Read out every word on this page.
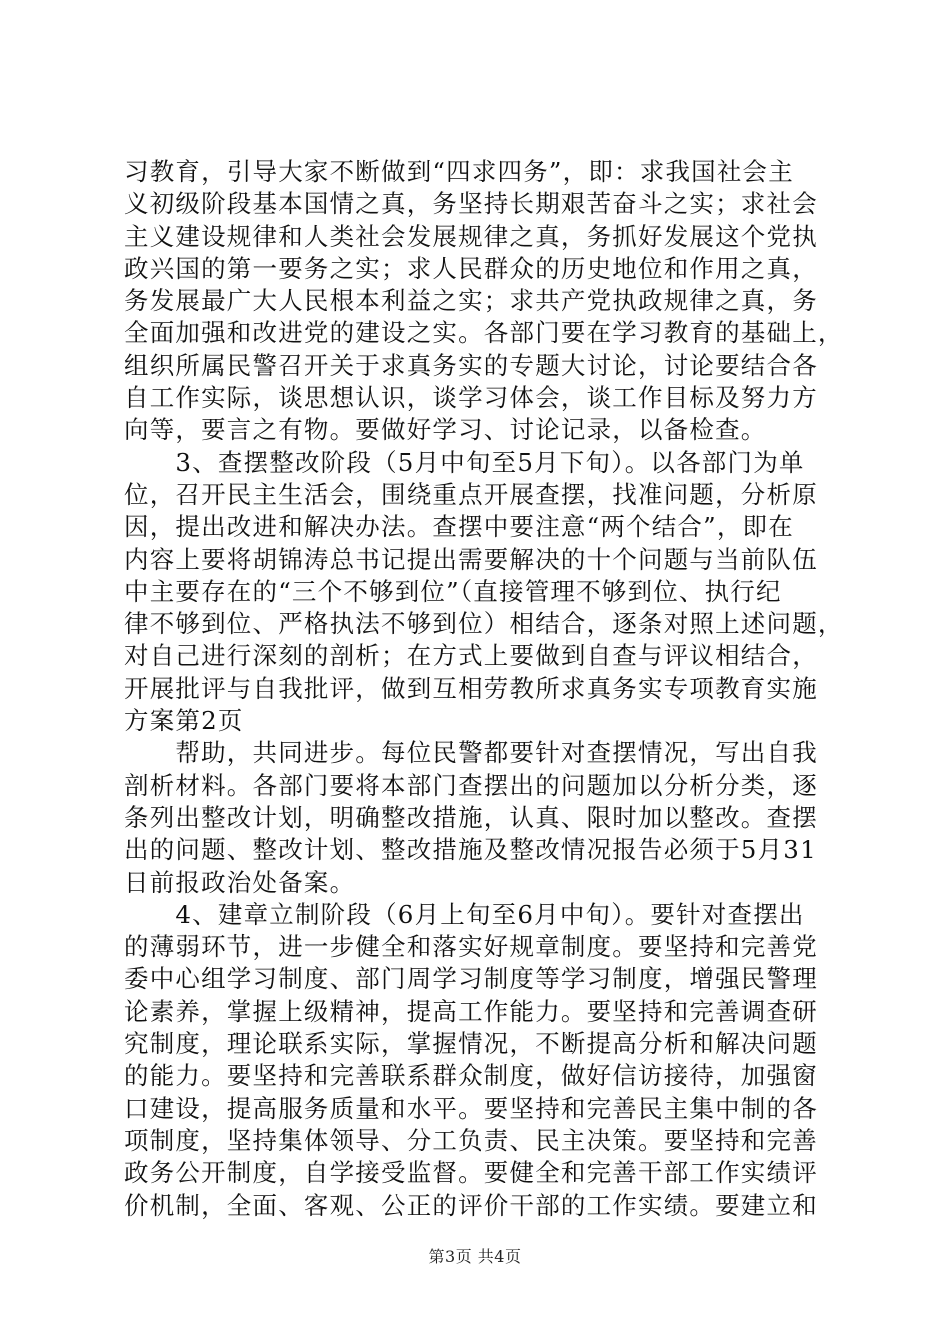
习教育，引导大家不断做到“四求四务”，即：求我国社会主
义初级阶段基本国情之真，务坚持长期艰苦奋斗之实；求社会
主义建设规律和人类社会发展规律之真，务抓好发展这个党执
政兴国的第一要务之实；求人民群众的历史地位和作用之真，
务发展最广大人民根本利益之实；求共产党执政规律之真，务
全面加强和改进党的建设之实。各部门要在学习教育的基础上，
组织所属民警召开关于求真务实的专题大讨论，讨论要结合各
自工作实际，谈思想认识，谈学习体会，谈工作目标及努力方
向等，要言之有物。要做好学习、讨论记录，以备检查。
　　3、查摆整改阶段（5月中旬至5月下旬）。以各部门为单
位，召开民主生活会，围绕重点开展查摆，找准问题，分析原
因，提出改进和解决办法。查摆中要注意“两个结合”，即在
内容上要将胡锦涛总书记提出需要解决的十个问题与当前队伍
中主要存在的“三个不够到位”（直接管理不够到位、执行纪
律不够到位、严格执法不够到位）相结合，逐条对照上述问题，
对自己进行深刻的剖析；在方式上要做到自查与评议相结合，
开展批评与自我批评，做到互相劳教所求真务实专项教育实施
方案第2页
　　帮助，共同进步。每位民警都要针对查摆情况，写出自我
剖析材料。各部门要将本部门查摆出的问题加以分析分类，逐
条列出整改计划，明确整改措施，认真、限时加以整改。查摆
出的问题、整改计划、整改措施及整改情况报告必须于5月31
日前报政治处备案。
　　4、建章立制阶段（6月上旬至6月中旬）。要针对查摆出
的薄弱环节，进一步健全和落实好规章制度。要坚持和完善党
委中心组学习制度、部门周学习制度等学习制度，增强民警理
论素养，掌握上级精神，提高工作能力。要坚持和完善调查研
究制度，理论联系实际，掌握情况，不断提高分析和解决问题
的能力。要坚持和完善联系群众制度，做好信访接待，加强窗
口建设，提高服务质量和水平。要坚持和完善民主集中制的各
项制度，坚持集体领导、分工负责、民主决策。要坚持和完善
政务公开制度，自学接受监督。要健全和完善干部工作实绩评
价机制，全面、客观、公正的评价干部的工作实绩。要建立和
第3页 共4页
